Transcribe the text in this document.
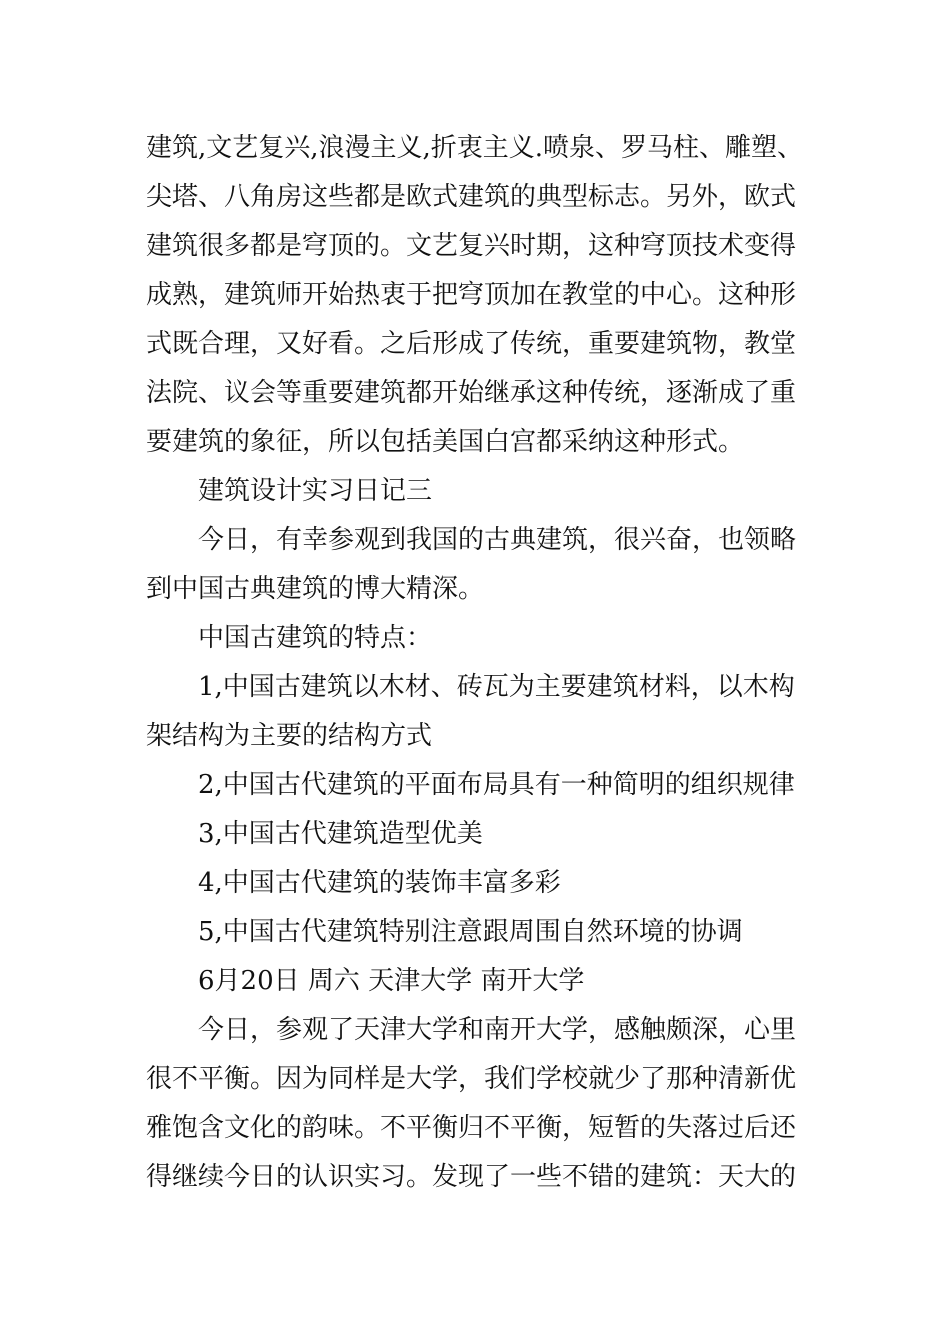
建筑,文艺复兴,浪漫主义,折衷主义.喷泉、罗马柱、雕塑、
尖塔、八角房这些都是欧式建筑的典型标志。另外，欧式
建筑很多都是穹顶的。文艺复兴时期，这种穹顶技术变得
成熟，建筑师开始热衷于把穹顶加在教堂的中心。这种形
式既合理，又好看。之后形成了传统，重要建筑物，教堂
法院、议会等重要建筑都开始继承这种传统，逐渐成了重
要建筑的象征，所以包括美国白宫都采纳这种形式。

建筑设计实习日记三

今日，有幸参观到我国的古典建筑，很兴奋，也领略
到中国古典建筑的博大精深。

中国古建筑的特点：

1,中国古建筑以木材、砖瓦为主要建筑材料，以木构
架结构为主要的结构方式

2,中国古代建筑的平面布局具有一种简明的组织规律

3,中国古代建筑造型优美

4,中国古代建筑的装饰丰富多彩

5,中国古代建筑特别注意跟周围自然环境的协调

6月20日 周六 天津大学 南开大学

今日，参观了天津大学和南开大学，感触颇深，心里
很不平衡。因为同样是大学，我们学校就少了那种清新优
雅饱含文化的韵味。不平衡归不平衡，短暂的失落过后还
得继续今日的认识实习。发现了一些不错的建筑：天大的
